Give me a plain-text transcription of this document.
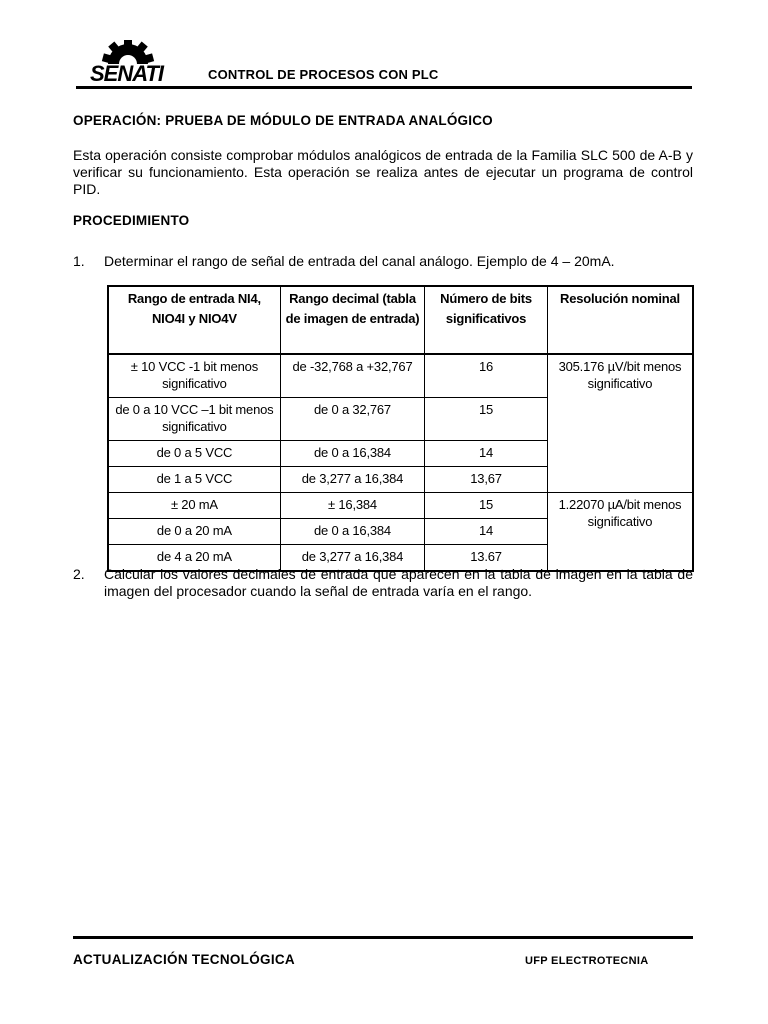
SENATI	CONTROL DE PROCESOS CON PLC
OPERACIÓN: PRUEBA DE MÓDULO DE ENTRADA ANALÓGICO
Esta operación consiste comprobar módulos analógicos de entrada de la Familia SLC 500 de A-B y verificar su funcionamiento. Esta operación se realiza antes de ejecutar un programa de control PID.
PROCEDIMIENTO
1. Determinar el rango de señal de entrada del canal análogo. Ejemplo de 4 – 20mA.
Rango de entrada NI4, NIO4I y NIO4V	Rango decimal (tabla de imagen de entrada)	Número de bits significativos	Resolución nominal
± 10 VCC -1 bit menos significativo	de -32,768 a +32,767	16	305.176 µV/bit menos significativo
de 0 a 10 VCC –1 bit menos significativo	de 0 a 32,767	15	
de 0 a 5 VCC	de 0 a 16,384	14	
de 1 a 5 VCC	de 3,277 a 16,384	13,67	
± 20 mA	± 16,384	15	1.22070 µA/bit menos significativo
de 0 a 20 mA	de 0 a 16,384	14	
de 4 a 20 mA	de 3,277 a 16,384	13.67	
2. Calcular los valores decimales de entrada que aparecen en la tabla de imagen en la tabla de imagen del procesador cuando la señal de entrada varía en el rango.
ACTUALIZACIÓN TECNOLÓGICA	UFP ELECTROTECNIA
